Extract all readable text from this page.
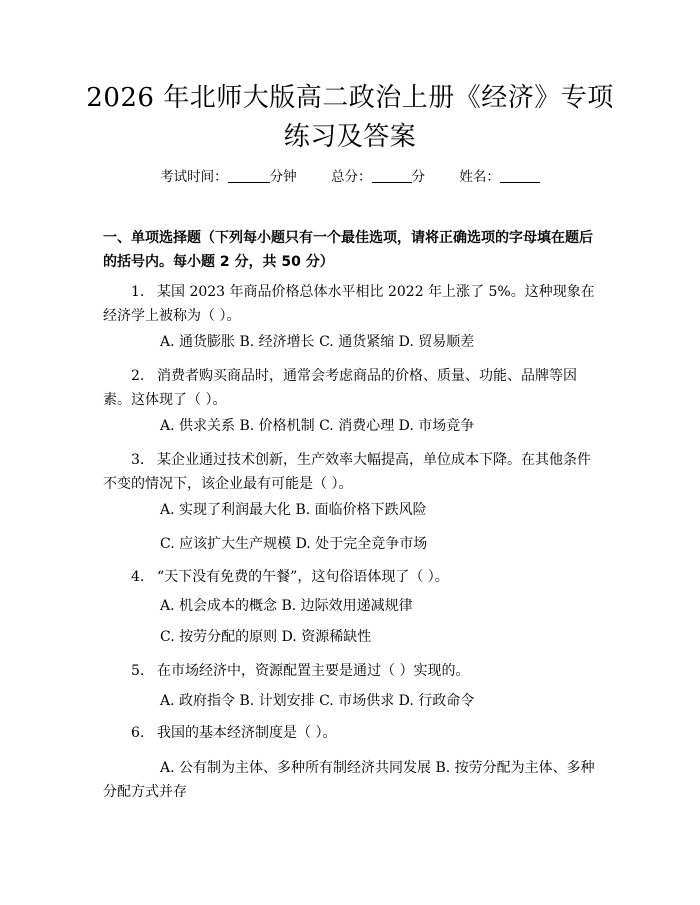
2026 年北师大版高二政治上册《经济》专项
练习及答案
考试时间：	分钟	总分：	分	姓名：
一、单项选择题（下列每小题只有一个最佳选项，请将正确选项的字母填在题后的括号内。每小题 2 分，共 50 分）
1. 某国 2023 年商品价格总体水平相比 2022 年上涨了 5%。这种现象在经济学上被称为（ ）。
A. 通货膨胀 B. 经济增长 C. 通货紧缩 D. 贸易顺差
2. 消费者购买商品时，通常会考虑商品的价格、质量、功能、品牌等因素。这体现了（ ）。
A. 供求关系 B. 价格机制 C. 消费心理 D. 市场竞争
3. 某企业通过技术创新，生产效率大幅提高，单位成本下降。在其他条件不变的情况下，该企业最有可能是（ ）。
A. 实现了利润最大化 B. 面临价格下跌风险
C. 应该扩大生产规模 D. 处于完全竞争市场
4. “天下没有免费的午餐”，这句俗语体现了（ ）。
A. 机会成本的概念 B. 边际效用递减规律
C. 按劳分配的原则 D. 资源稀缺性
5. 在市场经济中，资源配置主要是通过（ ）实现的。
A. 政府指令 B. 计划安排 C. 市场供求 D. 行政命令
6. 我国的基本经济制度是（ ）。
A. 公有制为主体、多种所有制经济共同发展 B. 按劳分配为主体、多种分配方式并存
